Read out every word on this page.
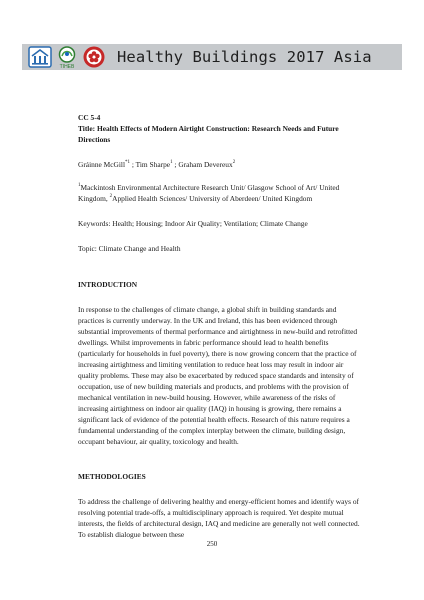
TIHEB
Healthy Buildings 2017 Asia

CC 5-4

Title: Health Effects of Modern Airtight Construction: Research Needs and Future Directions

Gráinne McGill$^{*1}$ ; Tim Sharpe$^1$ ; Graham Devereux$^2$

$^1$Mackintosh Environmental Architecture Research Unit/ Glasgow School of Art/ United Kingdom, $^2$Applied Health Sciences/ University of Aberdeen/ United Kingdom

Keywords: Health; Housing; Indoor Air Quality; Ventilation; Climate Change

Topic: Climate Change and Health

INTRODUCTION

In response to the challenges of climate change, a global shift in building standards and practices is currently underway. In the UK and Ireland, this has been evidenced through substantial improvements of thermal performance and airtightness in new-build and retrofitted dwellings. Whilst improvements in fabric performance should lead to health benefits (particularly for households in fuel poverty), there is now growing concern that the practice of increasing airtightness and limiting ventilation to reduce heat loss may result in indoor air quality problems. These may also be exacerbated by reduced space standards and intensity of occupation, use of new building materials and products, and problems with the provision of mechanical ventilation in new-build housing. However, while awareness of the risks of increasing airtightness on indoor air quality (IAQ) in housing is growing, there remains a significant lack of evidence of the potential health effects. Research of this nature requires a fundamental understanding of the complex interplay between the climate, building design, occupant behaviour, air quality, toxicology and health.

METHODOLOGIES

To address the challenge of delivering healthy and energy-efficient homes and identify ways of resolving potential trade-offs, a multidisciplinary approach is required. Yet despite mutual interests, the fields of architectural design, IAQ and medicine are generally not well connected. To establish dialogue between these

250
